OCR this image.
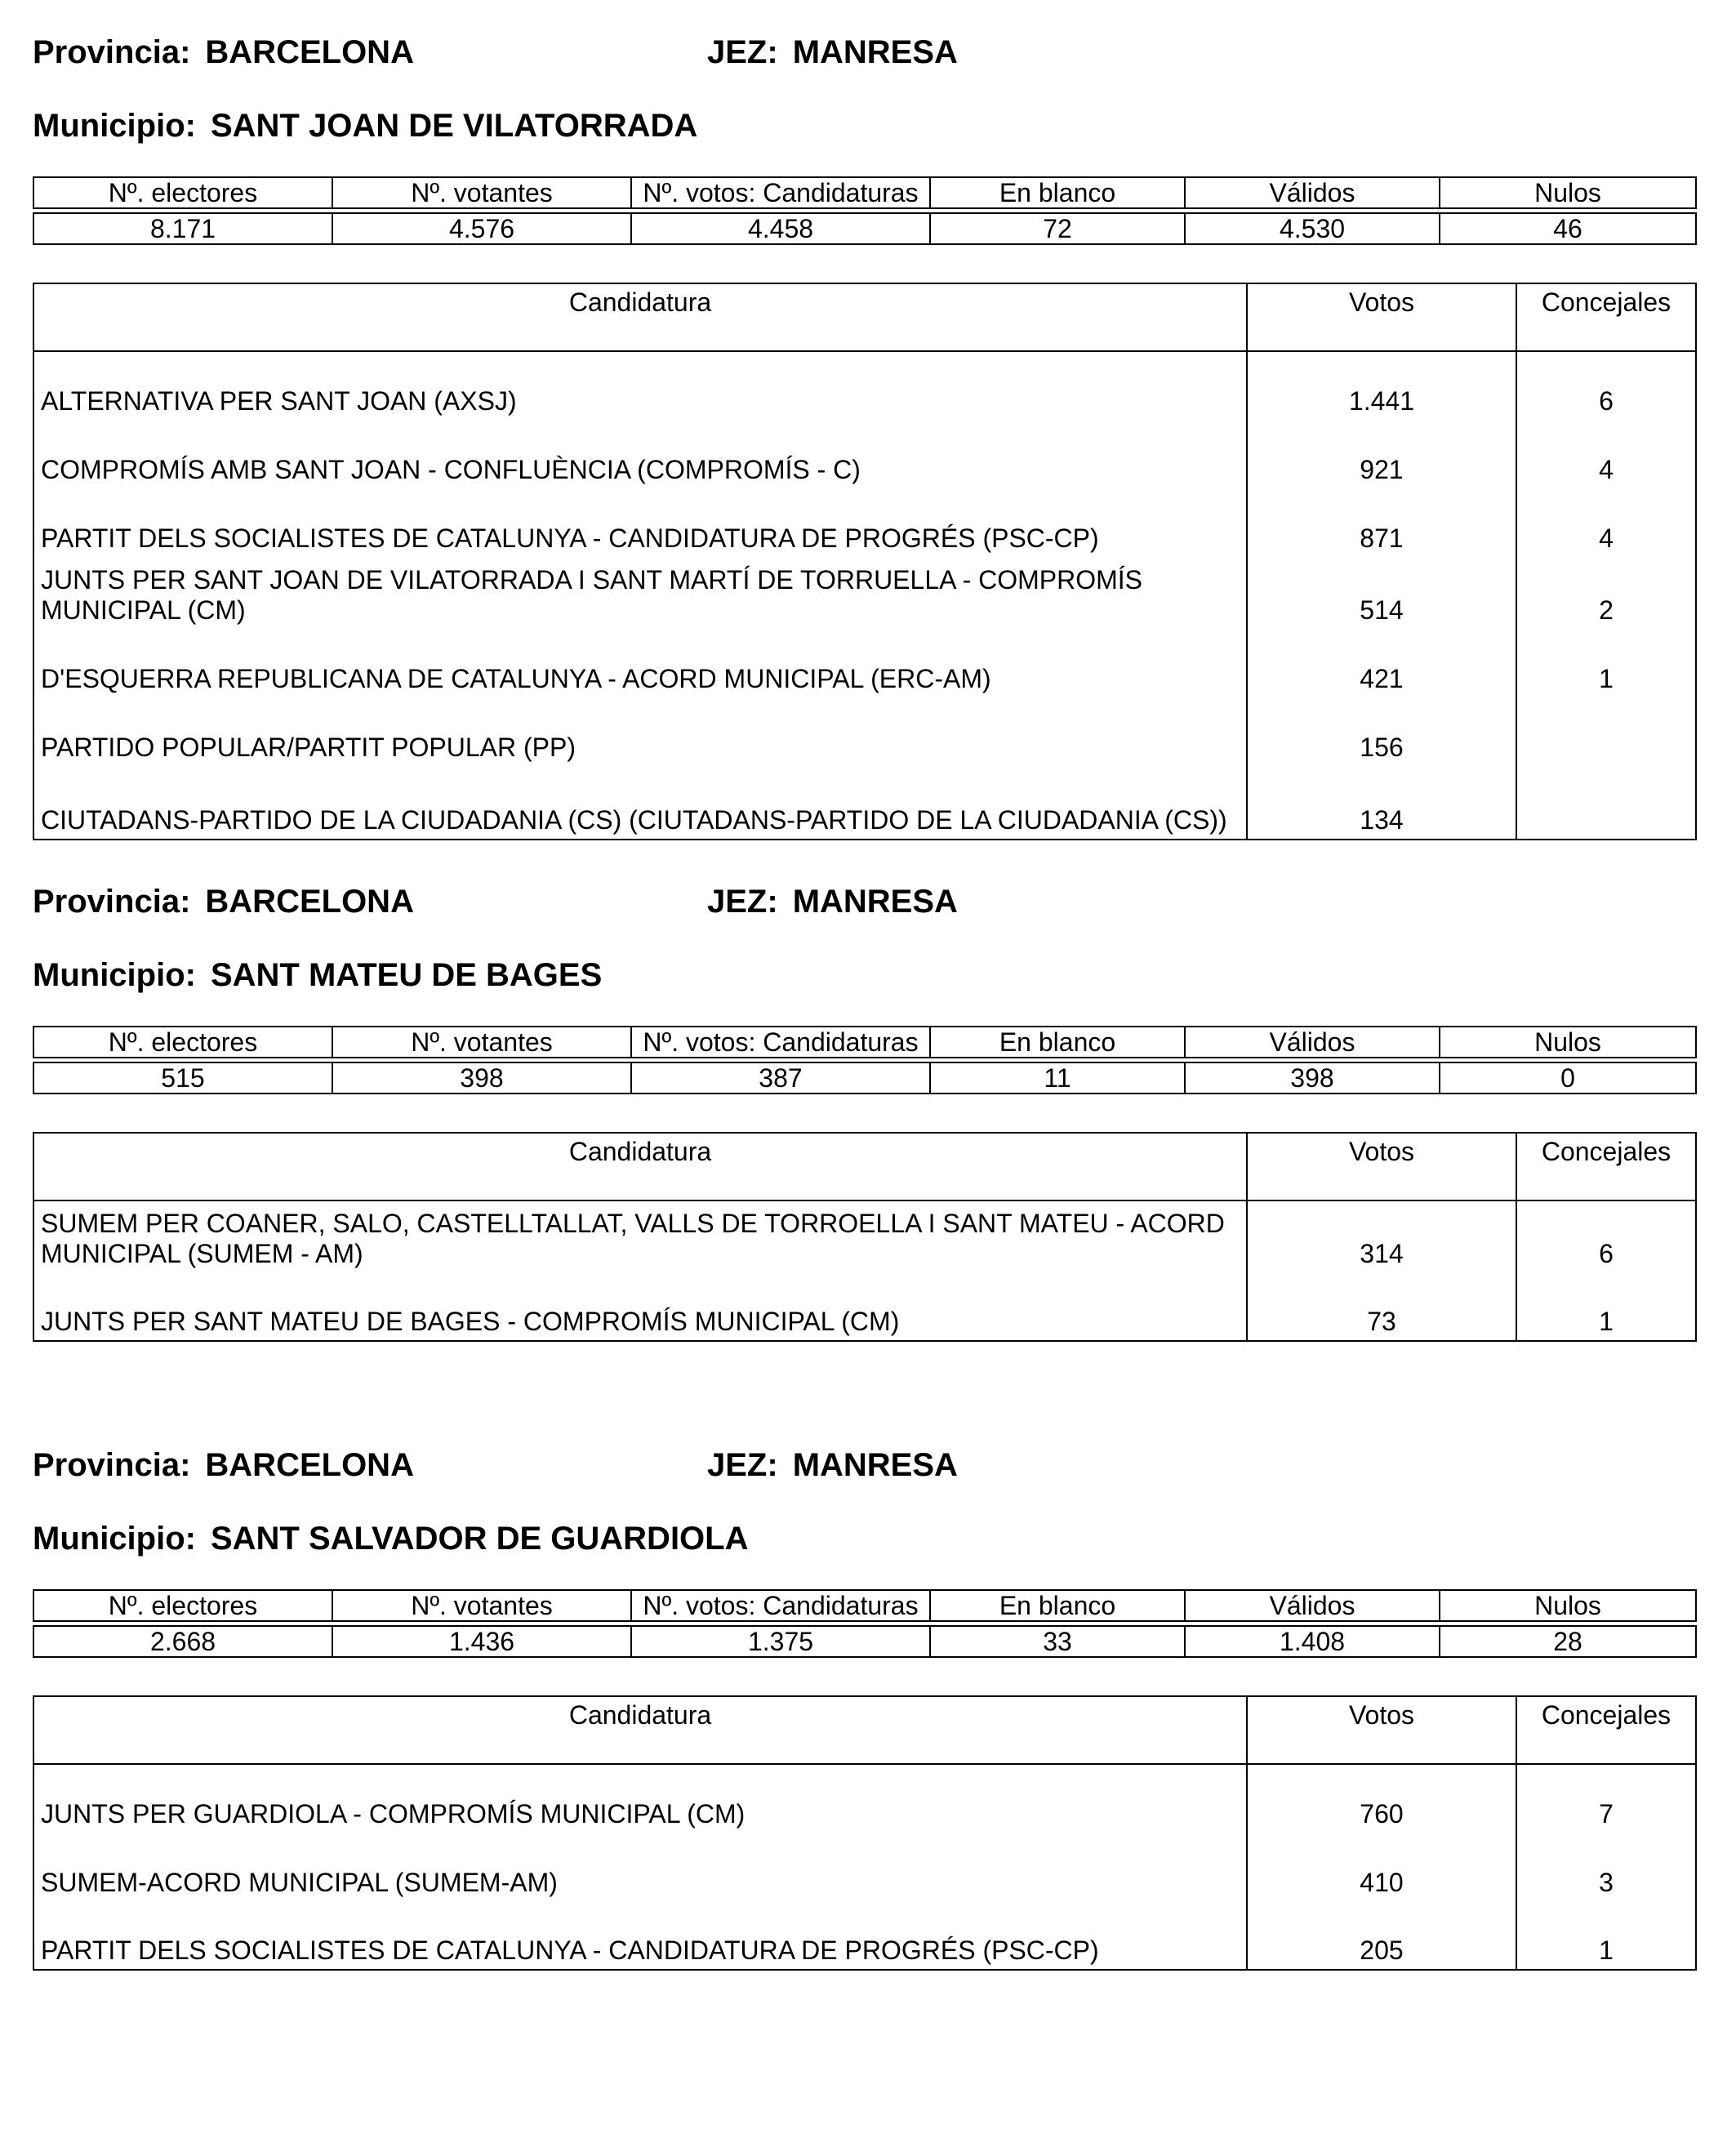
Provincia: BARCELONA	JEZ: MANRESA
Municipio: SANT JOAN DE VILATORRADA
Nº. electores	Nº. votantes	Nº. votos: Candidaturas	En blanco	Válidos	Nulos

8.171	4.576	4.458	72	4.530	46
Candidatura	Votos	Concejales
ALTERNATIVA PER SANT JOAN (AXSJ)	1.441	6
COMPROMÍS AMB SANT JOAN - CONFLUÈNCIA (COMPROMÍS - C)	921	4
PARTIT DELS SOCIALISTES DE CATALUNYA - CANDIDATURA DE PROGRÉS (PSC-CP)	871	4
JUNTS PER SANT JOAN DE VILATORRADA I SANT MARTÍ DE TORRUELLA - COMPROMÍS MUNICIPAL (CM)	514	2
D'ESQUERRA REPUBLICANA DE CATALUNYA - ACORD MUNICIPAL (ERC-AM)	421	1
PARTIDO POPULAR/PARTIT POPULAR (PP)	156	
CIUTADANS-PARTIDO DE LA CIUDADANIA (CS) (CIUTADANS-PARTIDO DE LA CIUDADANIA (CS))	134	
Provincia: BARCELONA	JEZ: MANRESA
Municipio: SANT MATEU DE BAGES
Nº. electores	Nº. votantes	Nº. votos: Candidaturas	En blanco	Válidos	Nulos

515	398	387	11	398	0
Candidatura	Votos	Concejales
SUMEM PER COANER, SALO, CASTELLTALLAT, VALLS DE TORROELLA I SANT MATEU - ACORD MUNICIPAL (SUMEM - AM)	314	6
JUNTS PER SANT MATEU DE BAGES - COMPROMÍS MUNICIPAL (CM)	73	1
Provincia: BARCELONA	JEZ: MANRESA
Municipio: SANT SALVADOR DE GUARDIOLA
Nº. electores	Nº. votantes	Nº. votos: Candidaturas	En blanco	Válidos	Nulos

2.668	1.436	1.375	33	1.408	28
Candidatura	Votos	Concejales
JUNTS PER GUARDIOLA - COMPROMÍS MUNICIPAL (CM)	760	7
SUMEM-ACORD MUNICIPAL (SUMEM-AM)	410	3
PARTIT DELS SOCIALISTES DE CATALUNYA - CANDIDATURA DE PROGRÉS (PSC-CP)	205	1
